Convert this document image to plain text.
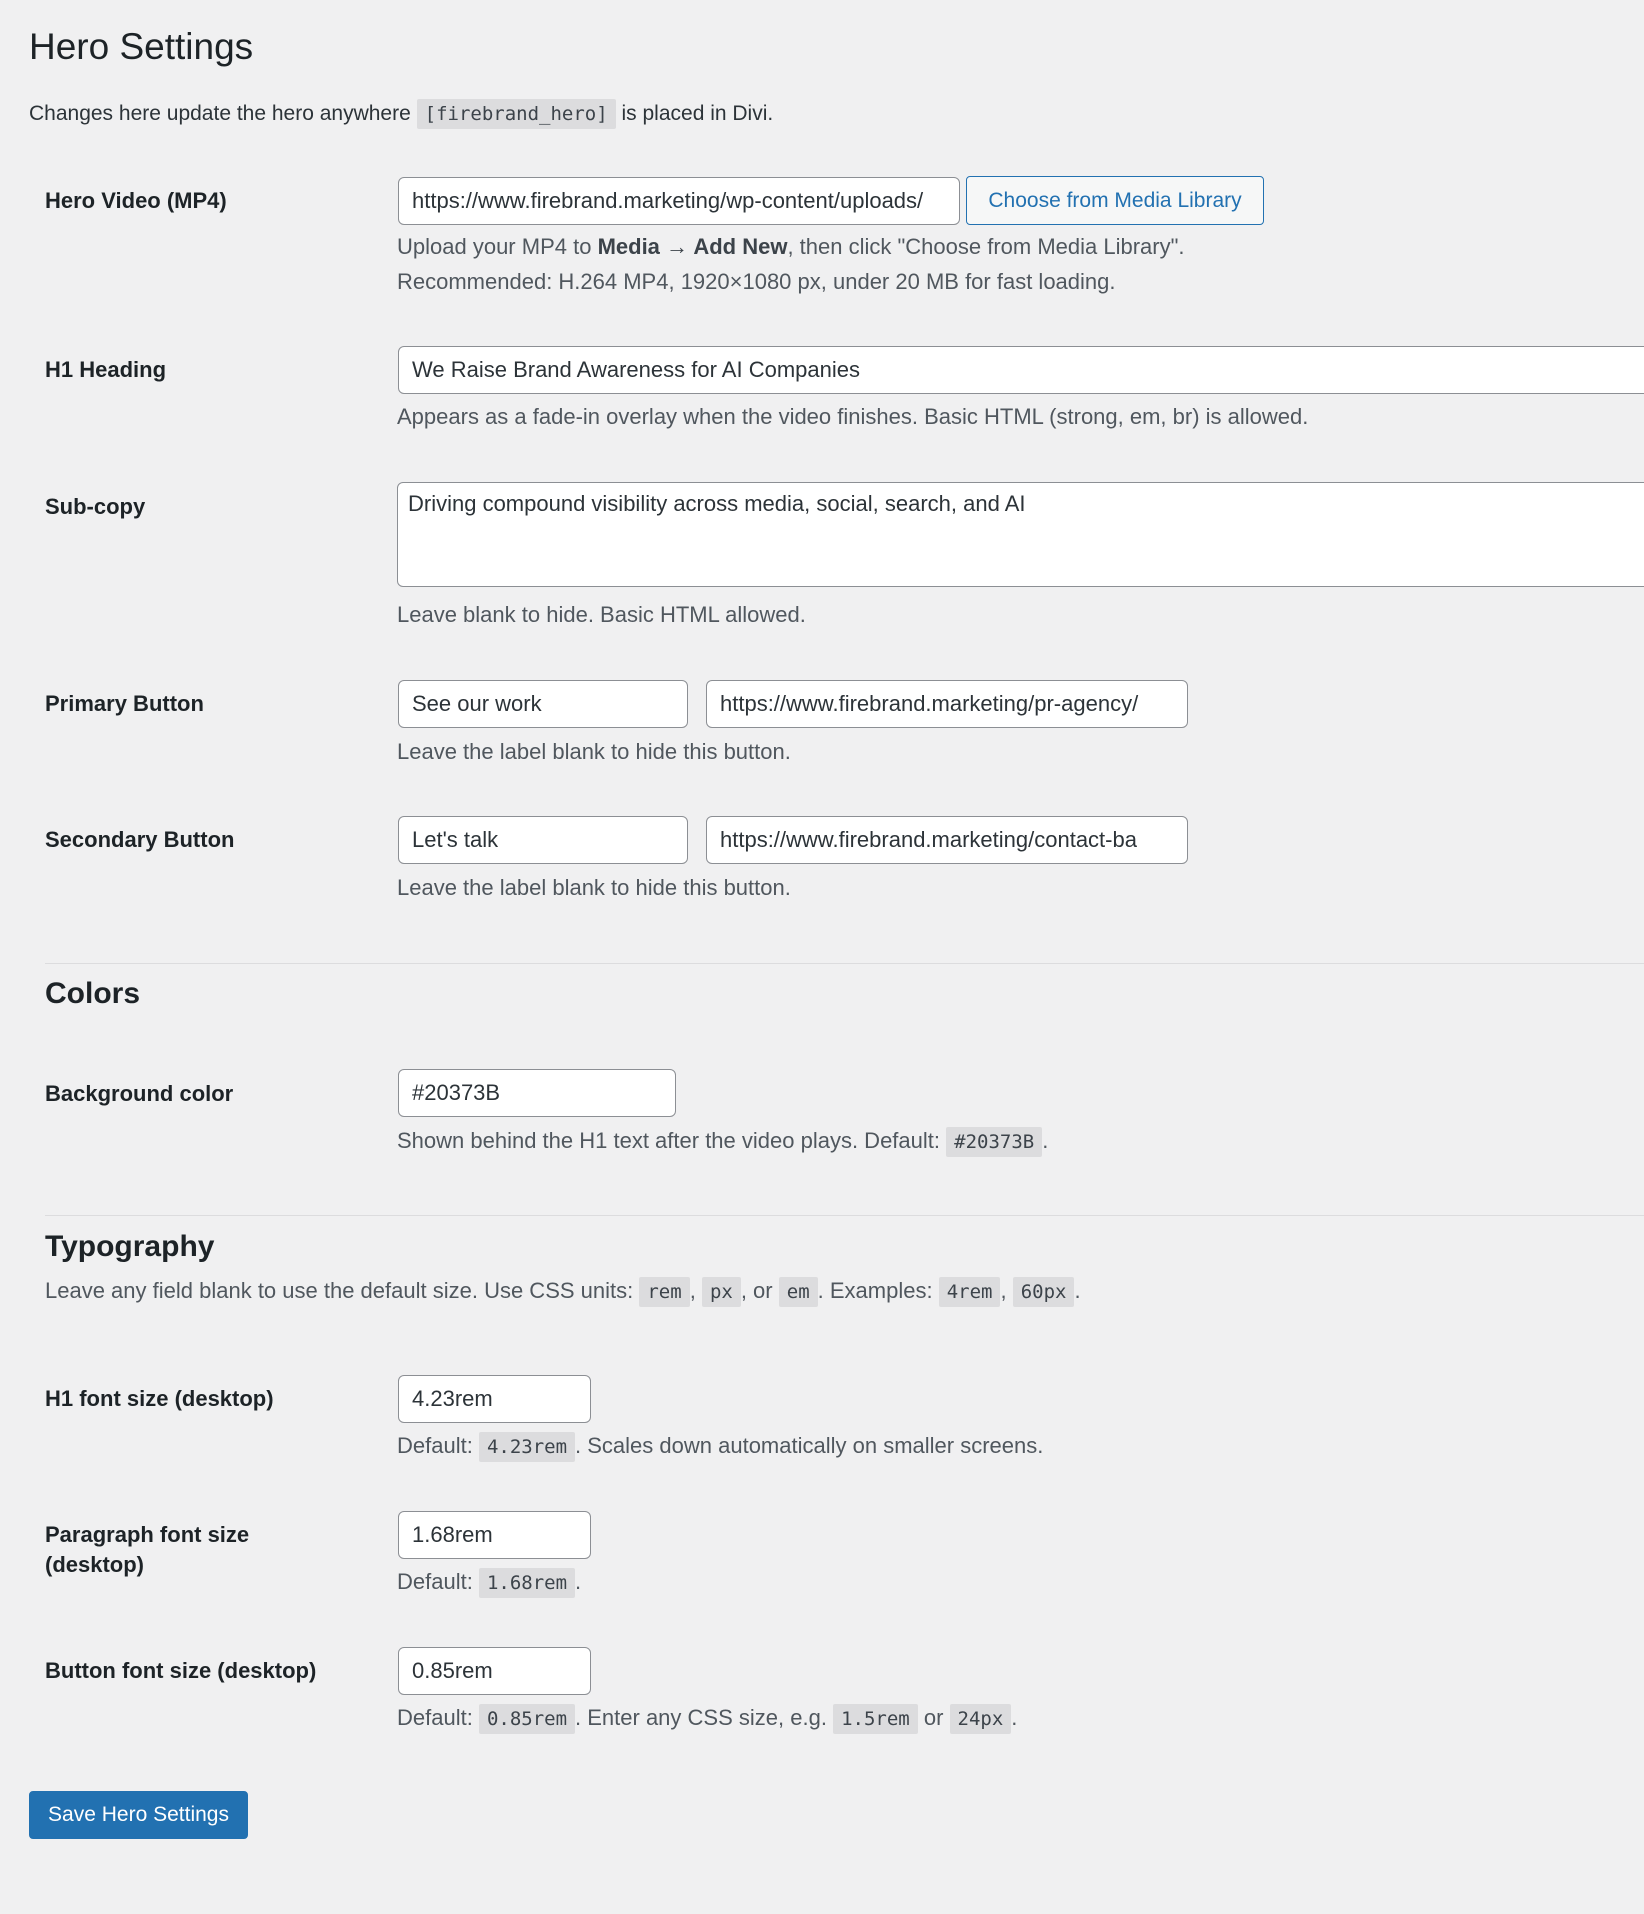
Hero Settings
Changes here update the hero anywhere [firebrand_hero] is placed in Divi.
Hero Video (MP4)
https://www.firebrand.marketing/wp-content/uploads/	Choose from Media Library
Upload your MP4 to Media → Add New, then click "Choose from Media Library".
Recommended: H.264 MP4, 1920×1080 px, under 20 MB for fast loading.
H1 Heading
We Raise Brand Awareness for AI Companies
Appears as a fade-in overlay when the video finishes. Basic HTML (strong, em, br) is allowed.
Sub-copy
Driving compound visibility across media, social, search, and AI
Leave blank to hide. Basic HTML allowed.
Primary Button
See our work
https://www.firebrand.marketing/pr-agency/
Leave the label blank to hide this button.
Secondary Button
Let's talk
https://www.firebrand.marketing/contact-ba
Leave the label blank to hide this button.
Colors
Background color
#20373B
Shown behind the H1 text after the video plays. Default: #20373B .
Typography
Leave any field blank to use the default size. Use CSS units: rem , px , or em . Examples: 4rem , 60px .
H1 font size (desktop)
4.23rem
Default: 4.23rem . Scales down automatically on smaller screens.
Paragraph font size
(desktop)
1.68rem
Default: 1.68rem .
Button font size (desktop)
0.85rem
Default: 0.85rem . Enter any CSS size, e.g. 1.5rem or 24px .
Save Hero Settings
